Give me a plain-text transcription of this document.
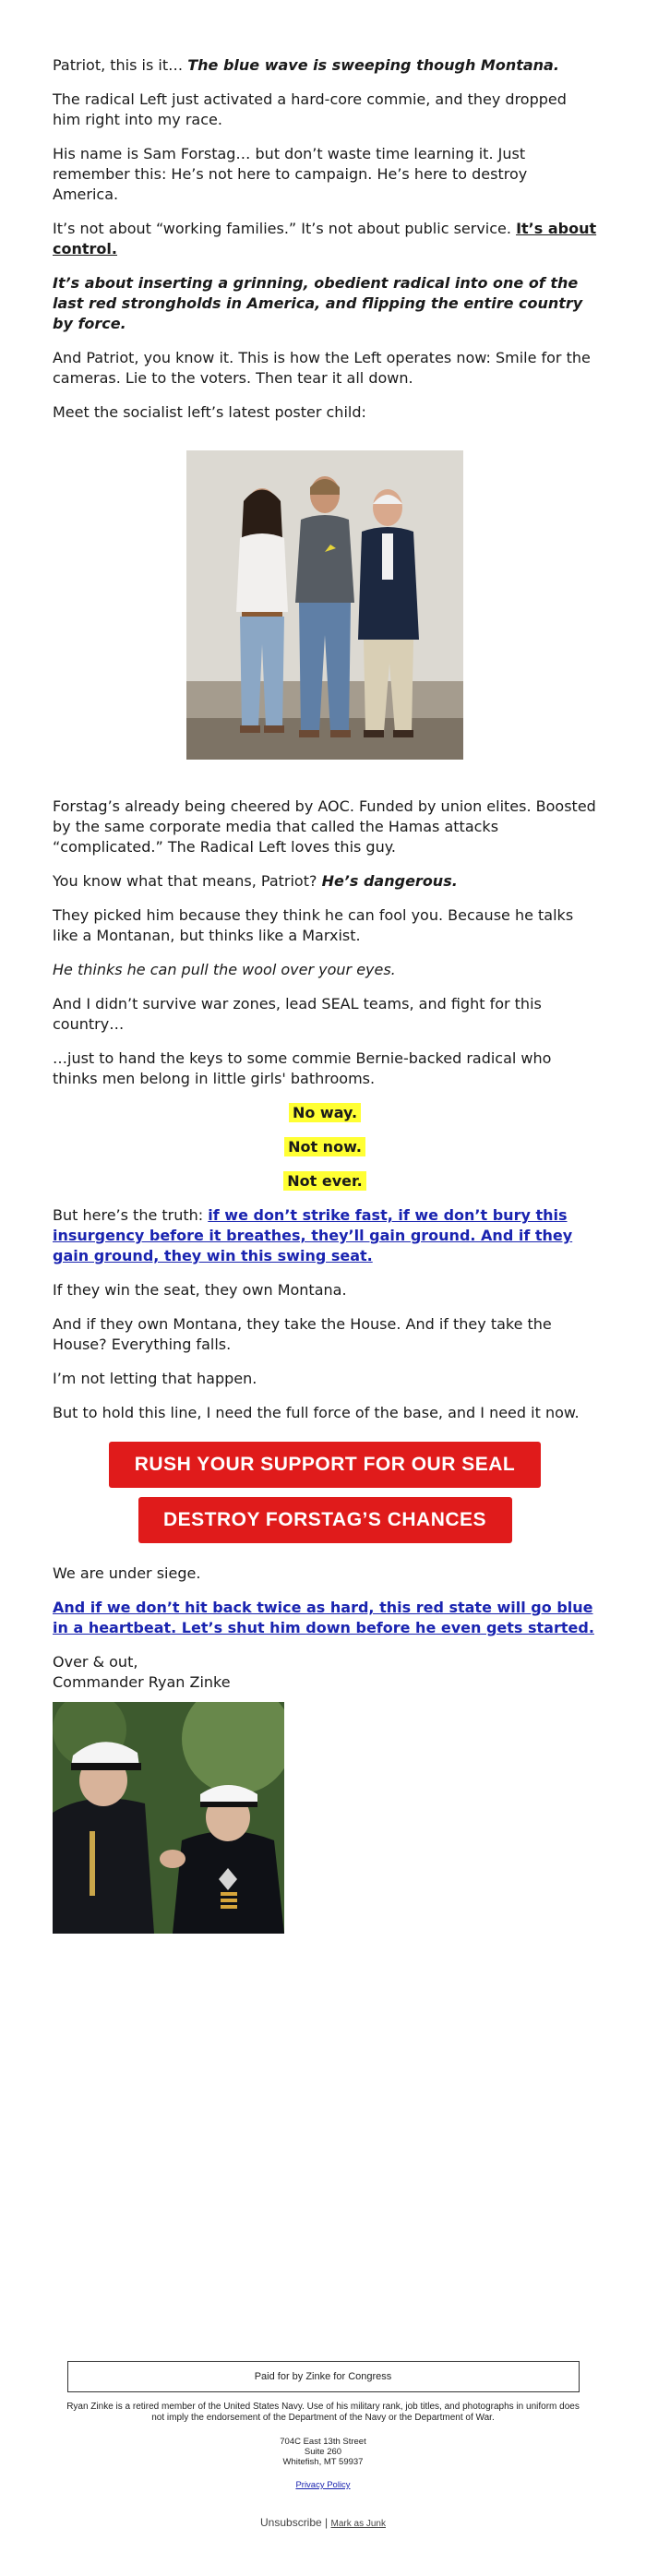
Patriot, this is it… The blue wave is sweeping though Montana.

The radical Left just activated a hard-core commie, and they dropped him right into my race.

His name is Sam Forstag… but don’t waste time learning it. Just remember this: He’s not here to campaign. He’s here to destroy America.

It’s not about “working families.” It’s not about public service. It’s about control.

It’s about inserting a grinning, obedient radical into one of the last red strongholds in America, and flipping the entire country by force.

And Patriot, you know it. This is how the Left operates now: Smile for the cameras. Lie to the voters. Then tear it all down.

Meet the socialist left’s latest poster child:

Forstag’s already being cheered by AOC. Funded by union elites. Boosted by the same corporate media that called the Hamas attacks “complicated.” The Radical Left loves this guy.

You know what that means, Patriot? He’s dangerous.

They picked him because they think he can fool you. Because he talks like a Montanan, but thinks like a Marxist.

He thinks he can pull the wool over your eyes.

And I didn’t survive war zones, lead SEAL teams, and fight for this country…

…just to hand the keys to some commie Bernie-backed radical who thinks men belong in little girls' bathrooms.

No way.

Not now.

Not ever.

But here’s the truth: if we don’t strike fast, if we don’t bury this insurgency before it breathes, they’ll gain ground. And if they gain ground, they win this swing seat.

If they win the seat, they own Montana.

And if they own Montana, they take the House. And if they take the House? Everything falls.

I’m not letting that happen.

But to hold this line, I need the full force of the base, and I need it now.

RUSH YOUR SUPPORT FOR OUR SEAL
DESTROY FORSTAG’S CHANCES

We are under siege.

And if we don’t hit back twice as hard, this red state will go blue in a heartbeat. Let’s shut him down before he even gets started.

Over & out,
Commander Ryan Zinke

Paid for by Zinke for Congress
Ryan Zinke is a retired member of the United States Navy. Use of his military rank, job titles, and photographs in uniform does not imply the endorsement of the Department of the Navy or the Department of War.
704C East 13th Street
Suite 260
Whitefish, MT 59937
Privacy Policy
Unsubscribe | Mark as Junk
